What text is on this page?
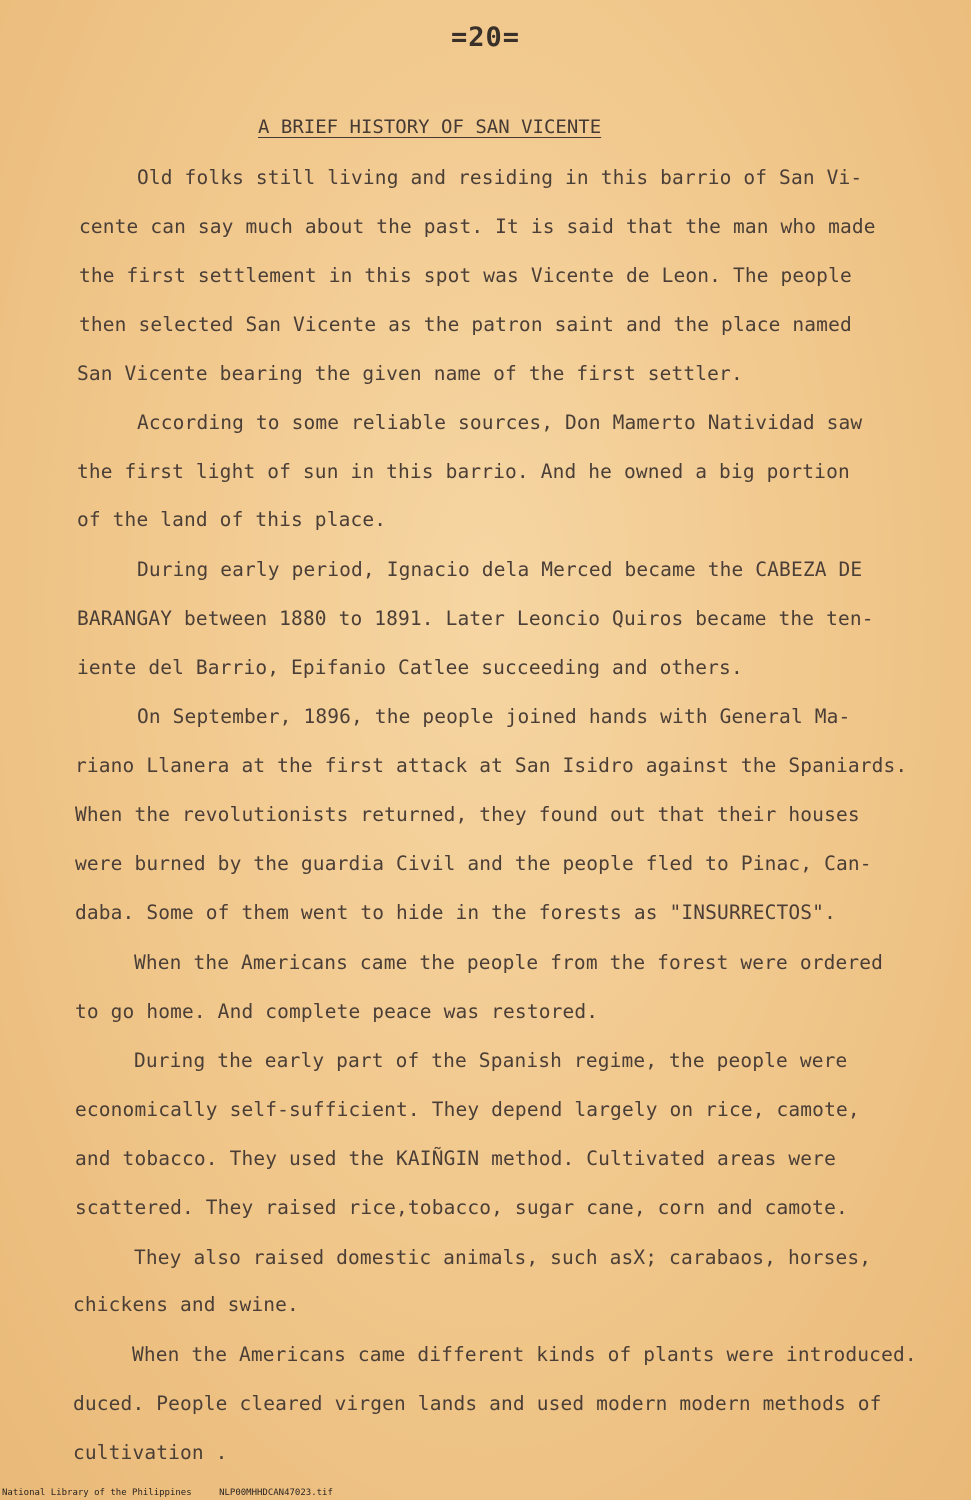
=20=
A BRIEF HISTORY OF SAN VICENTE
Old folks still living and residing in this barrio of San Vi-
cente can say much about the past. It is said that the man who made
the first settlement in this spot was Vicente de Leon. The people
then selected San Vicente as the patron saint and the place named
San Vicente bearing the given name of the first settler.
According to some reliable sources, Don Mamerto Natividad saw
the first light of sun in this barrio. And he owned a big portion
of the land of this place.
During early period, Ignacio dela Merced became the CABEZA DE
BARANGAY between 1880 to 1891. Later Leoncio Quiros became the ten-
iente del Barrio, Epifanio Catlee succeeding and others.
On September, 1896, the people joined hands with General Ma-
riano Llanera at the first attack at San Isidro against the Spaniards.
When the revolutionists returned, they found out that their houses
were burned by the guardia Civil and the people fled to Pinac, Can-
daba. Some of them went to hide in the forests as "INSURRECTOS".
When the Americans came the people from the forest were ordered
to go home. And complete peace was restored.
During the early part of the Spanish regime, the people were
economically self-sufficient. They depend largely on rice, camote,
and tobacco. They used the KAIÑGIN method. Cultivated areas were
scattered. They raised rice,tobacco, sugar cane, corn and camote.
They also raised domestic animals, such asX; carabaos, horses,
chickens and swine.
When the Americans came different kinds of plants were introduced.
duced. People cleared virgen lands and used modern modern methods of
cultivation .
National Library of the Philippines	NLP00MHHDCAN47023.tif
